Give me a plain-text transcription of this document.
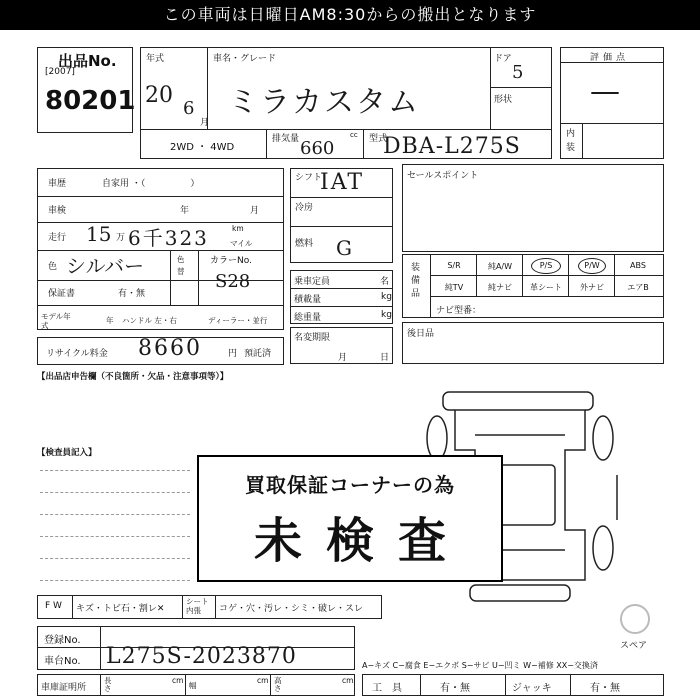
この車両は日曜日AM8:30からの搬出となります
出品No.
[2007]
80201
年式
20
6
月
車名・グレード
ミラカスタム
ドア
5
形状
2WD ・ 4WD
排気量	cc
660	型式
DBA-L275S
評価点
—
内装
車歴	自家用 ・（　　　　　）
車検	年	月
走行 15 万 6千323	km
マイル
色 シルバー	色替
カラーNo.
S28
保証書	有・無
モデル年式
年 ハンドル 左・右	ディーラー・並行
リサイクル料金 8660	円 預託済
シフト
IAT
冷房
燃料 G
乗車定員	名
積載量	kg
総重量	kg
名変期限
月	日
セールスポイント
装備品
S/R	純A/W	P/S	P/W	ABS
純TV	純ナビ	革シート	外ナビ	エアB
ナビ型番：
後日品
【出品店申告欄（不良箇所・欠品・注意事項等）】
【検査員記入】
スペア
買取保証コーナーの為
未検査
F W キズ・トビ石・割レ✕
シート内張	コゲ・穴・汚レ・シミ・破レ・スレ
登録No.
車台No. L275S-2023870	A−キズ C−腐食 E−エクボ S−サビ U−凹ミ W−補修 XX−交換済
車庫証明所
長さ
cm
幅
cm 高さ
cm
工　具	有・無	ジャッキ	有・無
